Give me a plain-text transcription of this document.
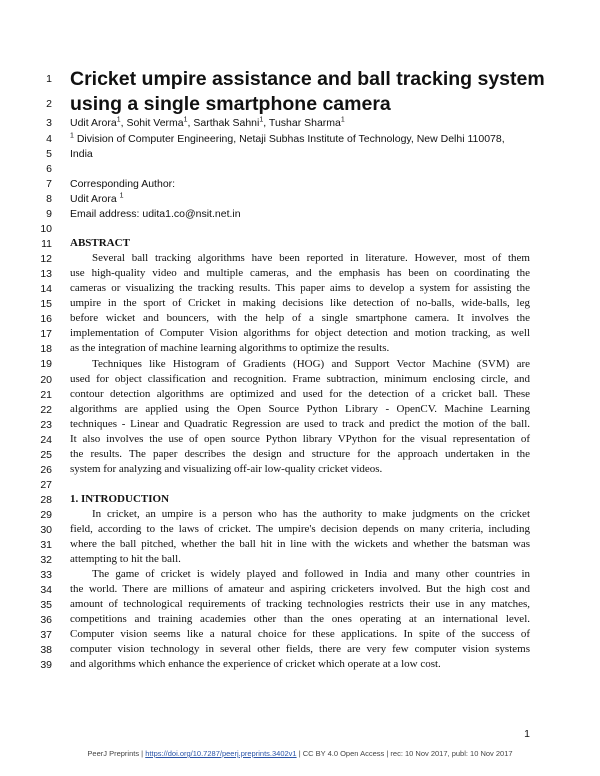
1
2
3
4
5
6
7
8
9
10
11
12
13
14
15
16
17
18
19
20
21
22
23
24
25
26
27
28
29
30
31
32
33
34
35
36
37
38
39
Cricket umpire assistance and ball tracking system
using a single smartphone camera
Udit Arora$^1$, Sohit Verma$^1$, Sarthak Sahni$^1$, Tushar Sharma$^1$
$^1$ Division of Computer Engineering, Netaji Subhas Institute of Technology, New Delhi 110078,
India
Corresponding Author:
Udit Arora $^1$
Email address: udita1.co@nsit.net.in
ABSTRACT
Several ball tracking algorithms have been reported in literature. However, most of them
use high-quality video and multiple cameras, and the emphasis has been on coordinating the
cameras or visualizing the tracking results. This paper aims to develop a system for assisting the
umpire in the sport of Cricket in making decisions like detection of no-balls, wide-balls, leg
before wicket and bouncers, with the help of a single smartphone camera. It involves the
implementation of Computer Vision algorithms for object detection and motion tracking, as well
as the integration of machine learning algorithms to optimize the results.
Techniques like Histogram of Gradients (HOG) and Support Vector Machine (SVM) are
used for object classification and recognition. Frame subtraction, minimum enclosing circle, and
contour detection algorithms are optimized and used for the detection of a cricket ball. These
algorithms are applied using the Open Source Python Library - OpenCV. Machine Learning
techniques - Linear and Quadratic Regression are used to track and predict the motion of the ball.
It also involves the use of open source Python library VPython for the visual representation of
the results. The paper describes the design and structure for the approach undertaken in the
system for analyzing and visualizing off-air low-quality cricket videos.
1. INTRODUCTION
In cricket, an umpire is a person who has the authority to make judgments on the cricket
field, according to the laws of cricket. The umpire's decision depends on many criteria, including
where the ball pitched, whether the ball hit in line with the wickets and whether the batsman was
attempting to hit the ball.
The game of cricket is widely played and followed in India and many other countries in
the world. There are millions of amateur and aspiring cricketers involved. But the high cost and
amount of technological requirements of tracking technologies restricts their use in any matches,
competitions and training academies other than the ones operating at an international level.
Computer vision seems like a natural choice for these applications. In spite of the success of
computer vision technology in several other fields, there are very few computer vision systems
and algorithms which enhance the experience of cricket which operate at a low cost.
1
PeerJ Preprints | https://doi.org/10.7287/peerj.preprints.3402v1 | CC BY 4.0 Open Access | rec: 10 Nov 2017, publ: 10 Nov 2017
